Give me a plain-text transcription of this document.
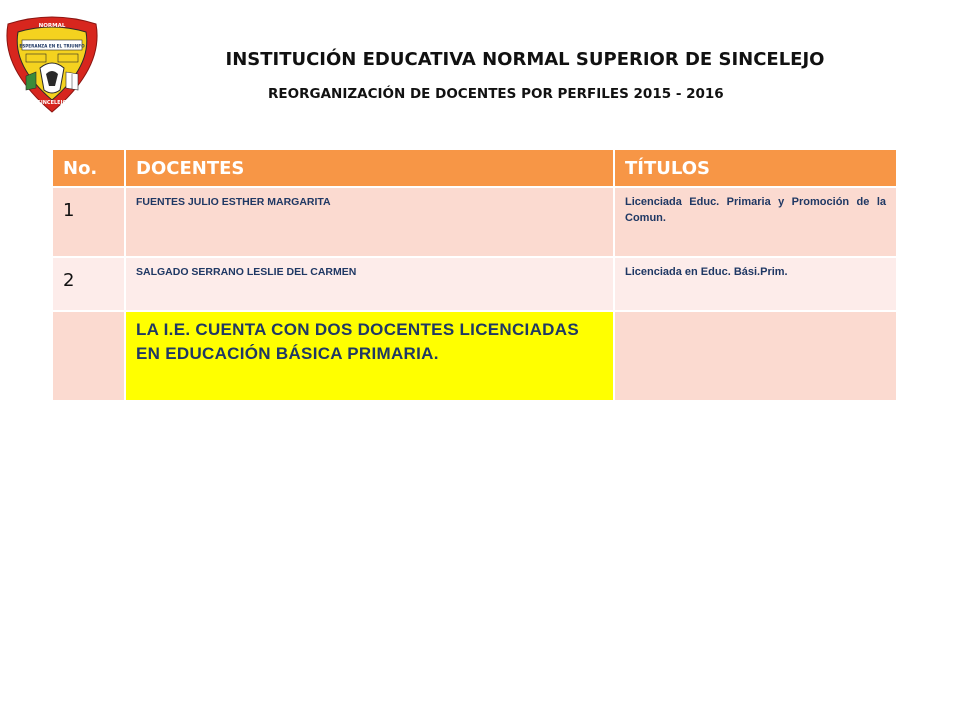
ESPERANZA EN EL TRIUNFO
NORMAL
SINCELEJO
INSTITUCIÓN EDUCATIVA NORMAL SUPERIOR DE SINCELEJO
REORGANIZACIÓN DE DOCENTES POR PERFILES 2015 - 2016
No.	DOCENTES	TÍTULOS
1	FUENTES JULIO ESTHER MARGARITA	Licenciada Educ. Primaria y Promoción de la Comun.
2	SALGADO SERRANO LESLIE DEL CARMEN	Licenciada en Educ. Bási.Prim.
	LA I.E. CUENTA CON DOS DOCENTES LICENCIADAS EN EDUCACIÓN BÁSICA PRIMARIA.	
